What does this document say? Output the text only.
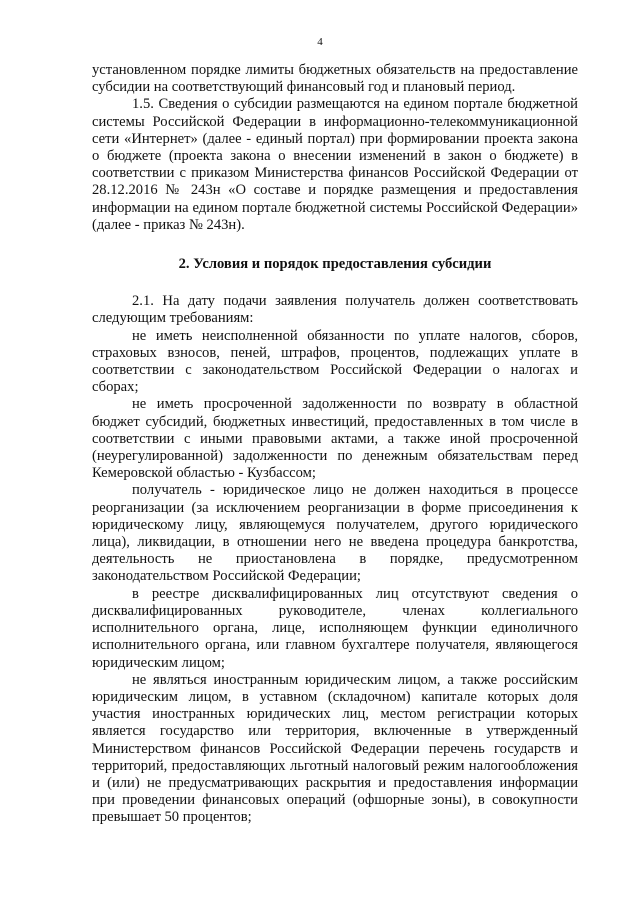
4

установленном порядке лимиты бюджетных обязательств на предоставление субсидии на соответствующий финансовый год и плановый период.

1.5. Сведения о субсидии размещаются на едином портале бюджетной системы Российской Федерации в информационно-телекоммуникационной сети «Интернет» (далее - единый портал) при формировании проекта закона о бюджете (проекта закона о внесении изменений в закон о бюджете) в соответствии с приказом Министерства финансов Российской Федерации от 28.12.2016 № 243н «О составе и порядке размещения и предоставления информации на едином портале бюджетной системы Российской Федерации» (далее - приказ № 243н).

2. Условия и порядок предоставления субсидии

2.1. На дату подачи заявления получатель должен соответствовать следующим требованиям:

не иметь неисполненной обязанности по уплате налогов, сборов, страховых взносов, пеней, штрафов, процентов, подлежащих уплате в соответствии с законодательством Российской Федерации о налогах и сборах;

не иметь просроченной задолженности по возврату в областной бюджет субсидий, бюджетных инвестиций, предоставленных в том числе в соответствии с иными правовыми актами, а также иной просроченной (неурегулированной) задолженности по денежным обязательствам перед Кемеровской областью - Кузбассом;

получатель - юридическое лицо не должен находиться в процессе реорганизации (за исключением реорганизации в форме присоединения к юридическому лицу, являющемуся получателем, другого юридического лица), ликвидации, в отношении него не введена процедура банкротства, деятельность не приостановлена в порядке, предусмотренном законодательством Российской Федерации;

в реестре дисквалифицированных лиц отсутствуют сведения о дисквалифицированных руководителе, членах коллегиального исполнительного органа, лице, исполняющем функции единоличного исполнительного органа, или главном бухгалтере получателя, являющегося юридическим лицом;

не являться иностранным юридическим лицом, а также российским юридическим лицом, в уставном (складочном) капитале которых доля участия иностранных юридических лиц, местом регистрации которых является государство или территория, включенные в утвержденный Министерством финансов Российской Федерации перечень государств и территорий, предоставляющих льготный налоговый режим налогообложения и (или) не предусматривающих раскрытия и предоставления информации при проведении финансовых операций (офшорные зоны), в совокупности превышает 50 процентов;
